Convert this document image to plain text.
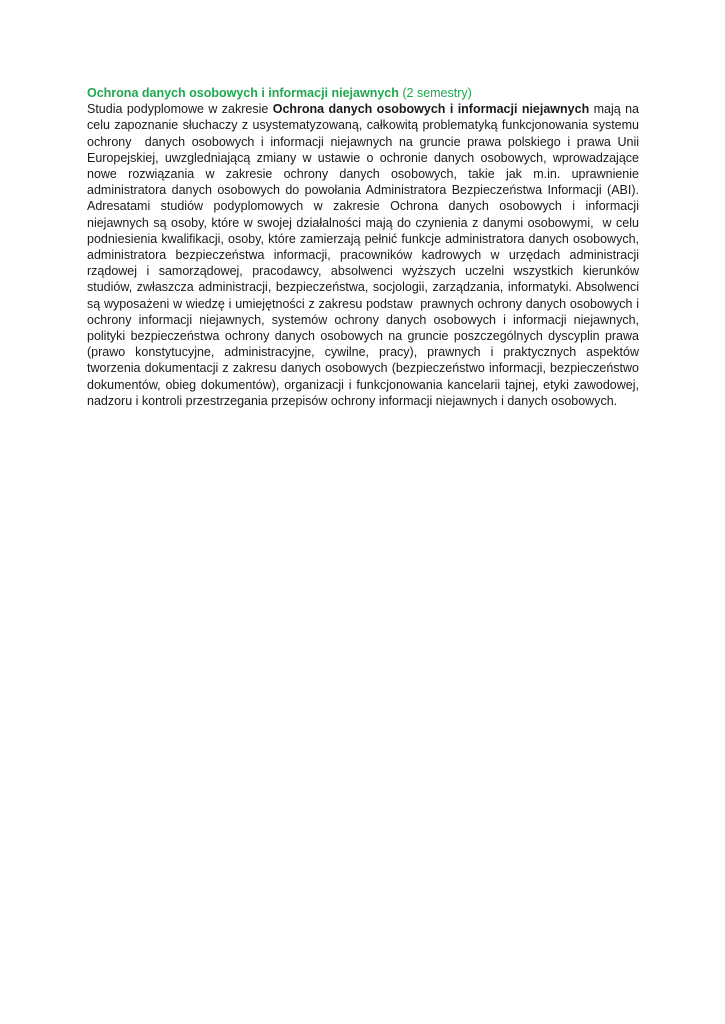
Ochrona danych osobowych i informacji niejawnych (2 semestry)

Studia podyplomowe w zakresie Ochrona danych osobowych i informacji niejawnych mają na celu zapoznanie słuchaczy z usystematyzowaną, całkowitą problematyką funkcjonowania systemu ochrony  danych osobowych i informacji niejawnych na gruncie prawa polskiego i prawa Unii Europejskiej, uwzgledniającą zmiany w ustawie o ochronie danych osobowych, wprowadzające nowe rozwiązania w zakresie ochrony danych osobowych, takie jak m.in. uprawnienie administratora danych osobowych do powołania Administratora Bezpieczeństwa Informacji (ABI).  Adresatami studiów podyplomowych w zakresie Ochrona danych osobowych i informacji niejawnych są osoby, które w swojej działalności mają do czynienia z danymi osobowymi,  w celu podniesienia kwalifikacji, osoby, które zamierzają pełnić funkcje administratora danych osobowych, administratora bezpieczeństwa informacji, pracowników kadrowych w urzędach administracji rządowej i samorządowej, pracodawcy, absolwenci wyższych uczelni wszystkich kierunków studiów, zwłaszcza administracji, bezpieczeństwa, socjologii, zarządzania, informatyki. Absolwenci są wyposażeni w wiedzę i umiejętności z zakresu podstaw  prawnych ochrony danych osobowych i ochrony informacji niejawnych, systemów ochrony danych osobowych i informacji niejawnych, polityki bezpieczeństwa ochrony danych osobowych na gruncie poszczególnych dyscyplin prawa (prawo konstytucyjne, administracyjne, cywilne, pracy), prawnych i praktycznych aspektów tworzenia dokumentacji z zakresu danych osobowych (bezpieczeństwo informacji, bezpieczeństwo dokumentów, obieg dokumentów), organizacji i funkcjonowania kancelarii tajnej, etyki zawodowej, nadzoru i kontroli przestrzegania przepisów ochrony informacji niejawnych i danych osobowych.
